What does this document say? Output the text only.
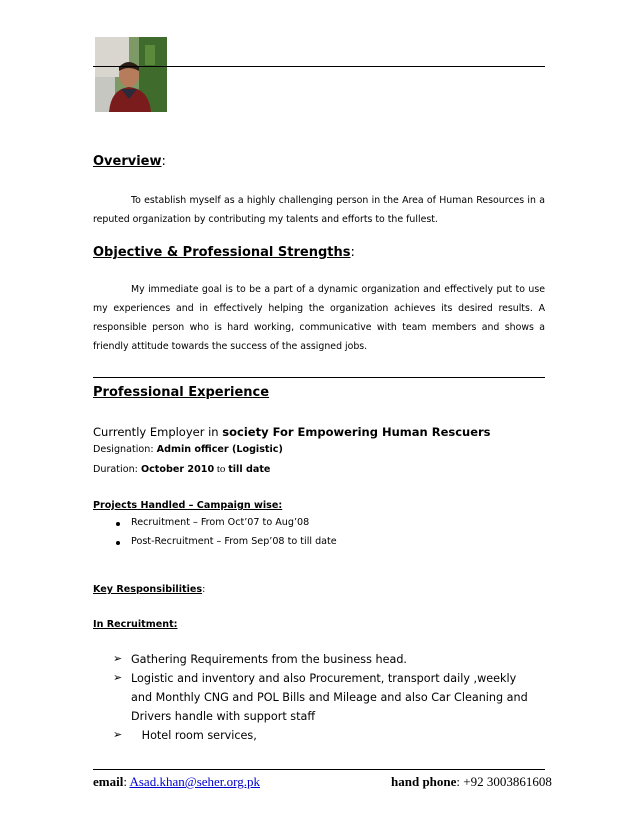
Overview:
To establish myself as a highly challenging person in the Area of Human Resources in a reputed organization by contributing my talents and efforts to the fullest.
Objective & Professional Strengths:
My immediate goal is to be a part of a dynamic organization and effectively put to use my experiences and in effectively helping the organization achieves its desired results. A responsible person who is hard working, communicative with team members and shows a friendly attitude towards the success of the assigned jobs.
Professional Experience
Currently Employer in society For Empowering Human Rescuers
Designation: Admin officer (Logistic)
Duration: October 2010 to till date
Projects Handled – Campaign wise:
Recruitment – From Oct’07 to Aug’08
Post-Recruitment – From Sep’08 to till date
Key Responsibilities:
In Recruitment:
➢ Gathering Requirements from the business head.
➢ Logistic and inventory and also Procurement, transport daily ,weekly and Monthly CNG and POL Bills and Mileage and also Car Cleaning and Drivers handle with support staff
➢ Hotel room services,
email: Asad.khan@seher.org.pk	hand phone: +92 3003861608
